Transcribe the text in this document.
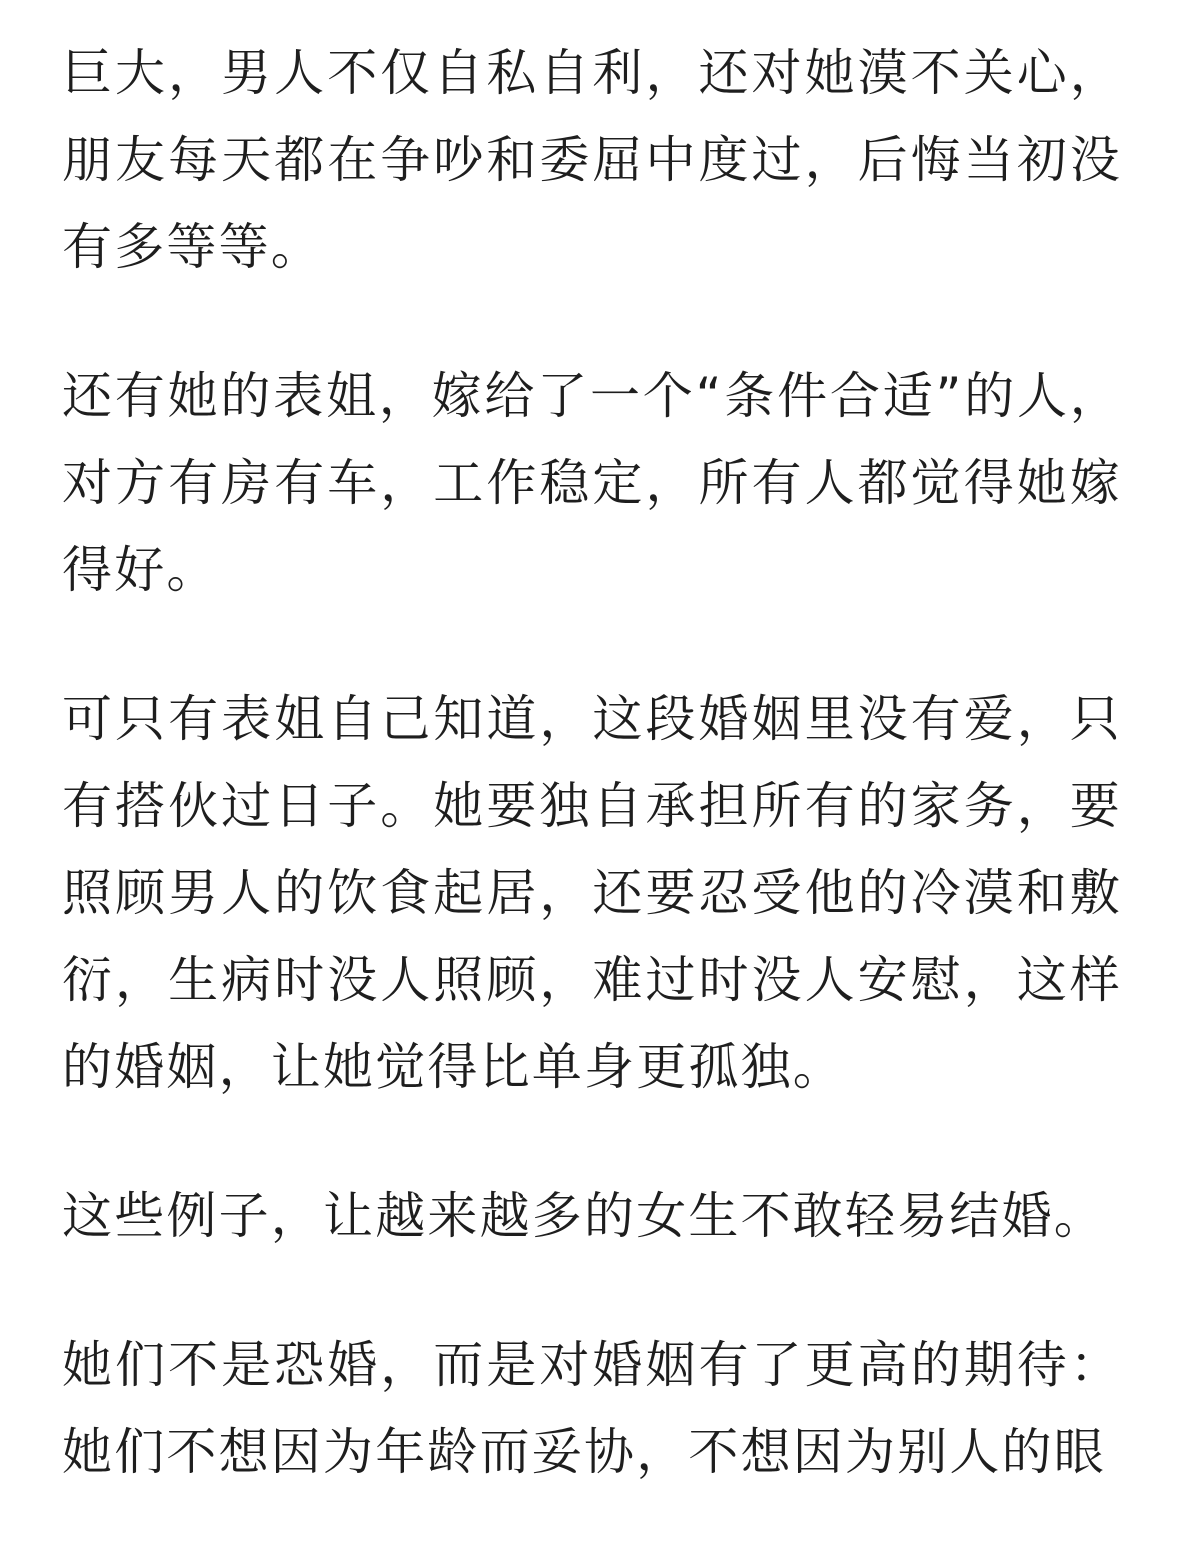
巨大，男人不仅自私自利，还对她漠不关心，朋友每天都在争吵和委屈中度过，后悔当初没有多等等。

还有她的表姐，嫁给了一个“条件合适”的人，对方有房有车，工作稳定，所有人都觉得她嫁得好。

可只有表姐自己知道，这段婚姻里没有爱，只有搭伙过日子。她要独自承担所有的家务，要照顾男人的饮食起居，还要忍受他的冷漠和敷衍，生病时没人照顾，难过时没人安慰，这样的婚姻，让她觉得比单身更孤独。

这些例子，让越来越多的女生不敢轻易结婚。

她们不是恐婚，而是对婚姻有了更高的期待：她们不想因为年龄而妥协，不想因为别人的眼
